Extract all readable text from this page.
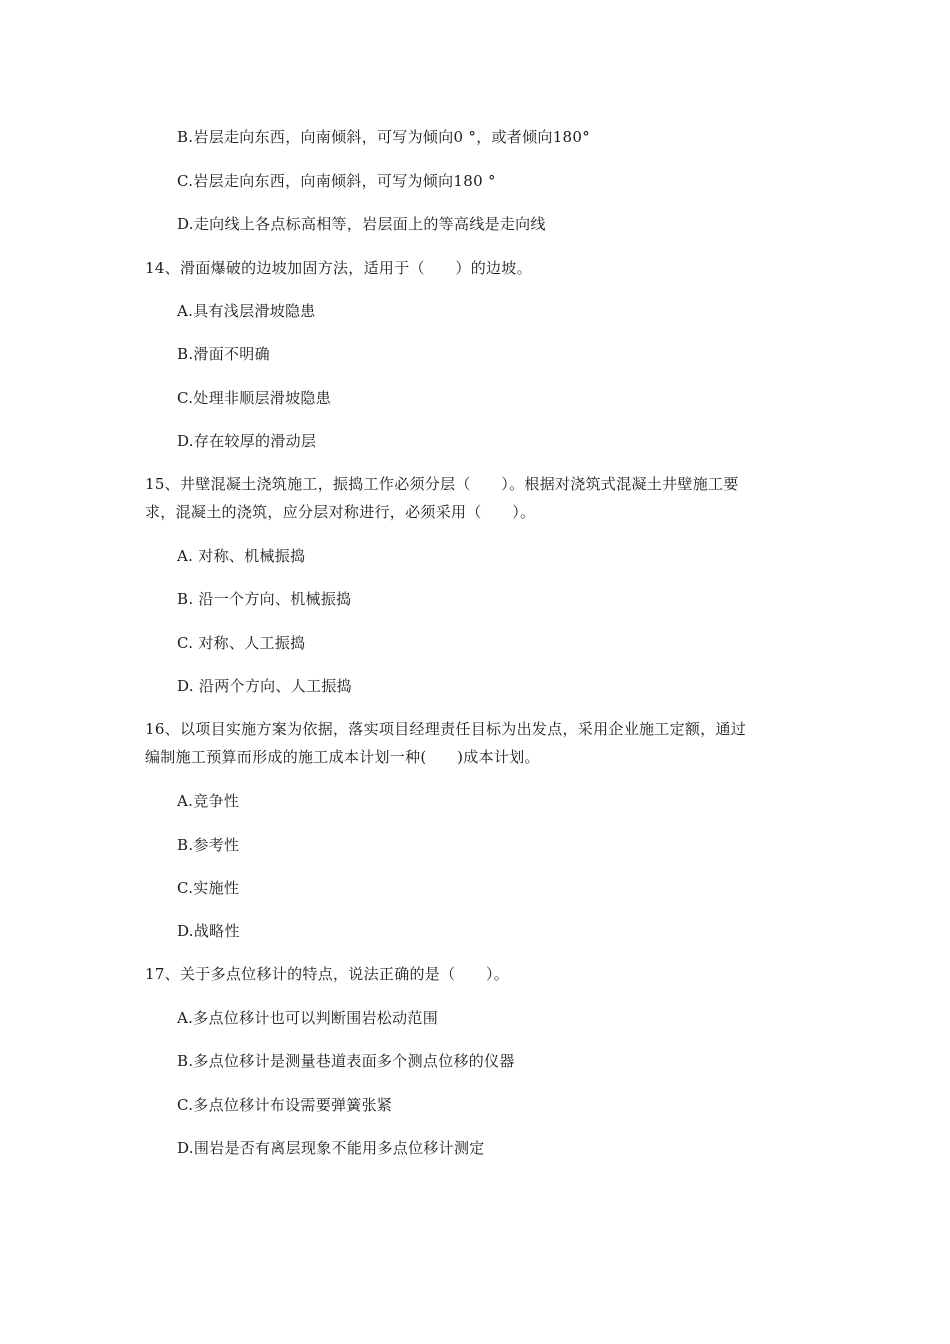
B.岩层走向东西，向南倾斜，可写为倾向0 °，或者倾向180°
C.岩层走向东西，向南倾斜，可写为倾向180 °
D.走向线上各点标高相等，岩层面上的等高线是走向线
14、滑面爆破的边坡加固方法，适用于（　　）的边坡。
A.具有浅层滑坡隐患
B.滑面不明确
C.处理非顺层滑坡隐患
D.存在较厚的滑动层
15、井壁混凝土浇筑施工，振捣工作必须分层（　　）。根据对浇筑式混凝土井壁施工要
求，混凝土的浇筑，应分层对称进行，必须采用（　　）。
A. 对称、机械振捣
B. 沿一个方向、机械振捣
C. 对称、人工振捣
D. 沿两个方向、人工振捣
16、以项目实施方案为依据，落实项目经理责任目标为出发点，采用企业施工定额，通过
编制施工预算而形成的施工成本计划一种(　　)成本计划。
A.竞争性
B.参考性
C.实施性
D.战略性
17、关于多点位移计的特点，说法正确的是（　　）。
A.多点位移计也可以判断围岩松动范围
B.多点位移计是测量巷道表面多个测点位移的仪器
C.多点位移计布设需要弹簧张紧
D.围岩是否有离层现象不能用多点位移计测定
